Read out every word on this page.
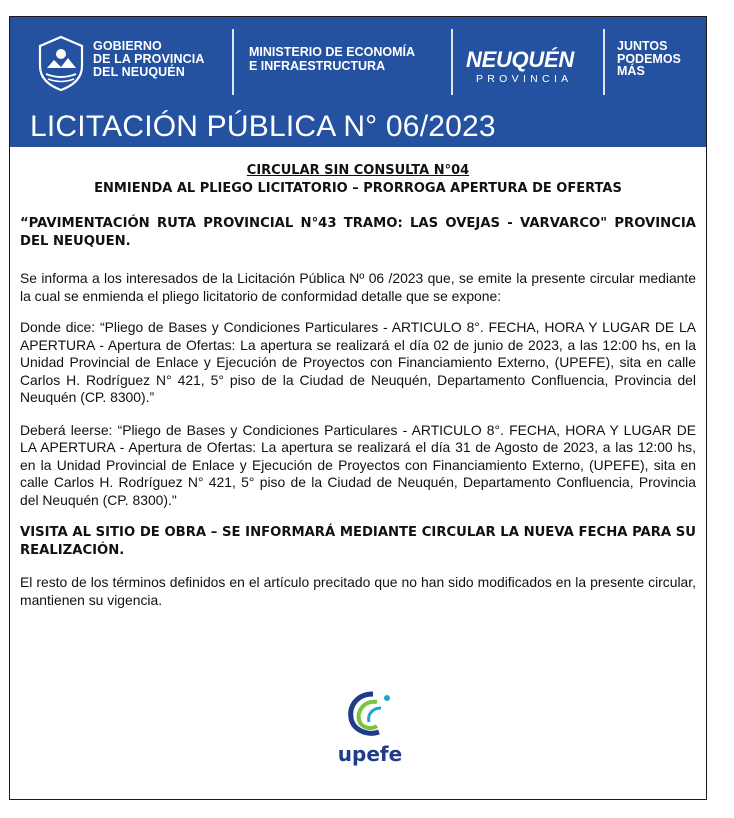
GOBIERNO
DE LA PROVINCIA
DEL NEUQUÉN
MINISTERIO DE ECONOMÍA
E INFRAESTRUCTURA	NEUQUÉN
PROVINCIA
JUNTOS
PODEMOS
MÁS
LICITACIÓN PÚBLICA N° 06/2023
CIRCULAR SIN CONSULTA N°04
ENMIENDA AL PLIEGO LICITATORIO – PRORROGA APERTURA DE OFERTAS
“PAVIMENTACIÓN RUTA PROVINCIAL N°43 TRAMO: LAS OVEJAS - VARVARCO" PROVINCIA DEL NEUQUEN.
Se informa a los interesados de la Licitación Pública Nº 06 /2023 que, se emite la presente circular mediante la cual se enmienda el pliego licitatorio de conformidad detalle que se expone:
Donde dice: “Pliego de Bases y Condiciones Particulares - ARTICULO 8°. FECHA, HORA Y LUGAR DE LA APERTURA - Apertura de Ofertas: La apertura se realizará el día 02 de junio de 2023, a las 12:00 hs, en la Unidad Provincial de Enlace y Ejecución de Proyectos con Financiamiento Externo, (UPEFE), sita en calle Carlos H. Rodríguez N° 421, 5° piso de la Ciudad de Neuquén, Departamento Confluencia, Provincia del Neuquén (CP. 8300).”
Deberá leerse: “Pliego de Bases y Condiciones Particulares - ARTICULO 8°. FECHA, HORA Y LUGAR DE LA APERTURA - Apertura de Ofertas: La apertura se realizará el día 31 de Agosto de 2023, a las 12:00 hs, en la Unidad Provincial de Enlace y Ejecución de Proyectos con Financiamiento Externo, (UPEFE), sita en calle Carlos H. Rodríguez N° 421, 5° piso de la Ciudad de Neuquén, Departamento Confluencia, Provincia del Neuquén (CP. 8300)."
VISITA AL SITIO DE OBRA – SE INFORMARÁ MEDIANTE CIRCULAR LA NUEVA FECHA PARA SU REALIZACIÓN.
El resto de los términos definidos en el artículo precitado que no han sido modificados en la presente circular, mantienen su vigencia.
upefe
